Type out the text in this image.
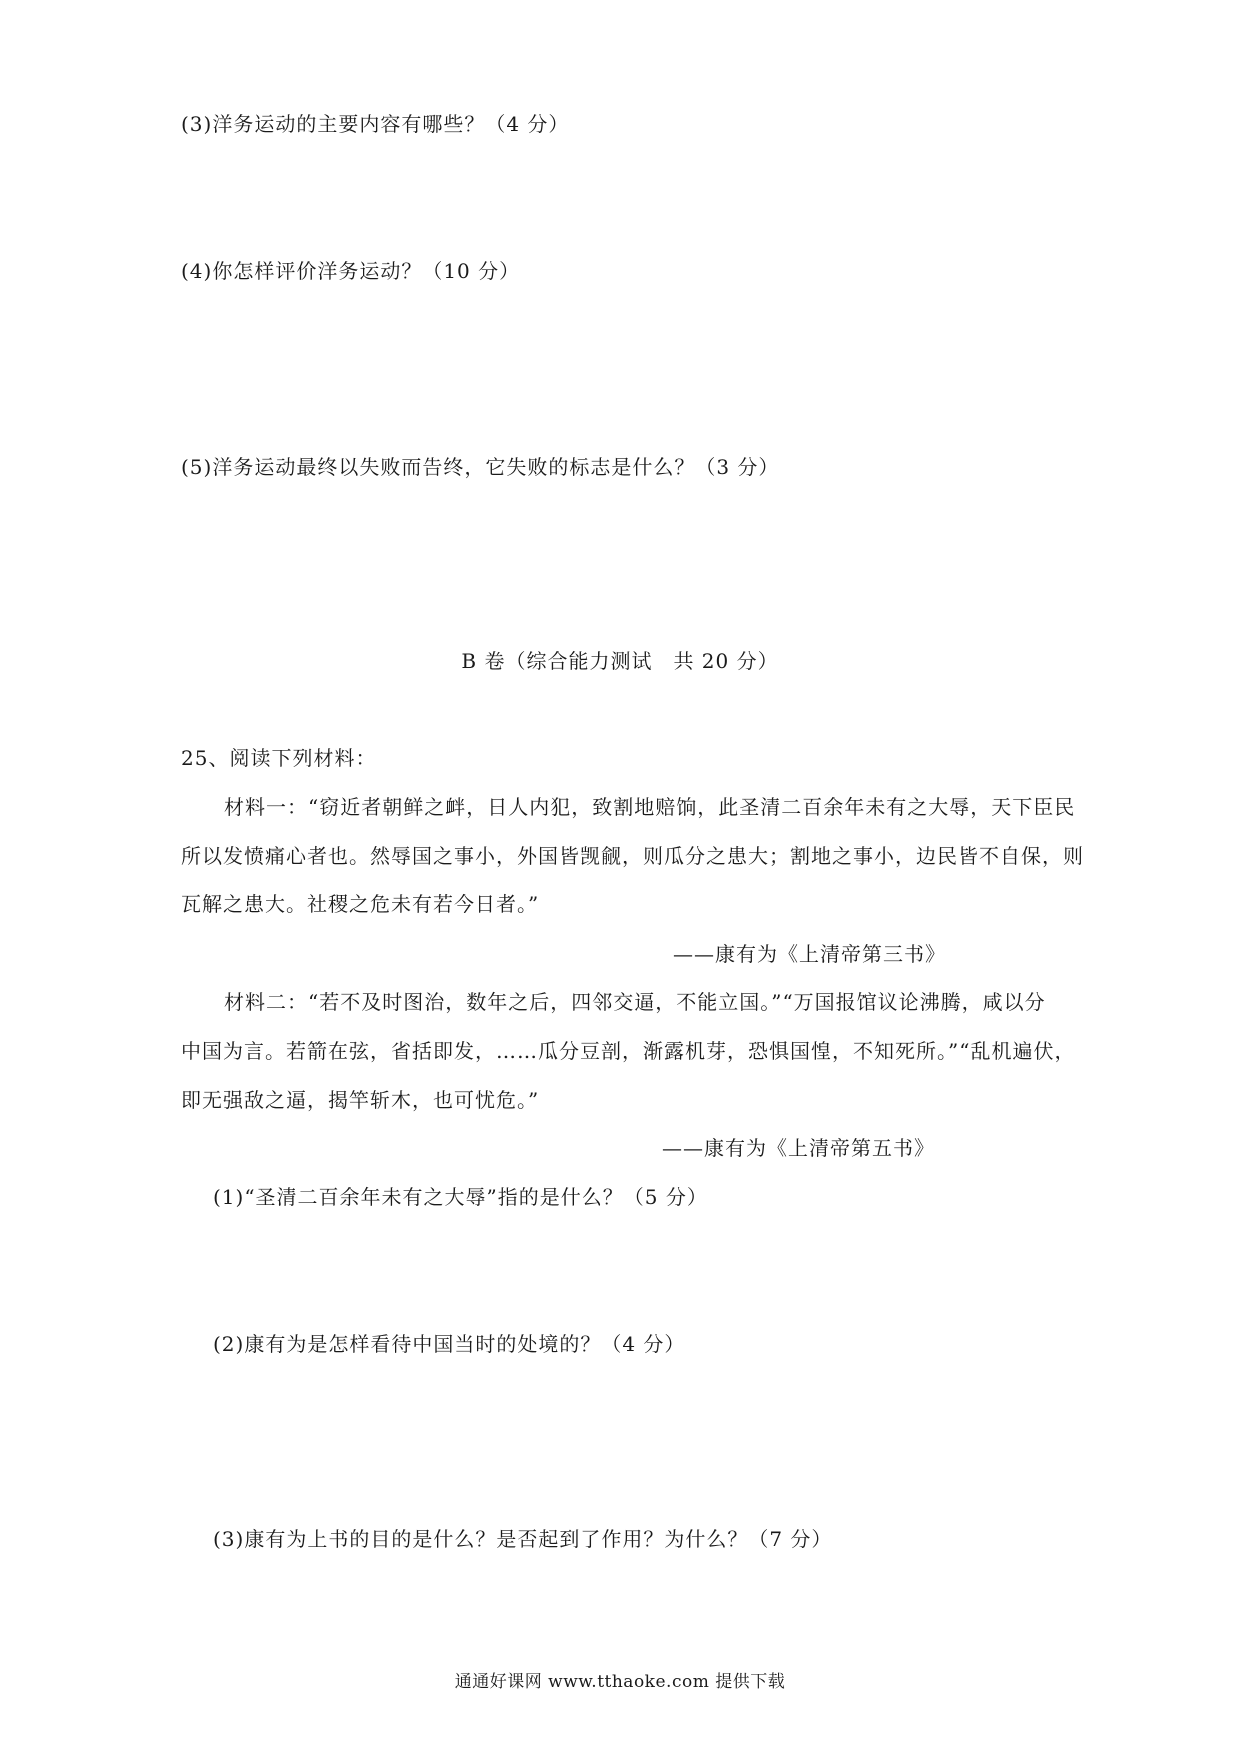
(3)洋务运动的主要内容有哪些？（4 分）
(4)你怎样评价洋务运动？（10 分）
(5)洋务运动最终以失败而告终，它失败的标志是什么？（3 分）
B 卷（综合能力测试　共 20 分）
25、阅读下列材料：
材料一：“窃近者朝鲜之衅，日人内犯，致割地赔饷，此圣清二百余年未有之大辱，天下臣民
所以发愤痛心者也。然辱国之事小，外国皆觊觎，则瓜分之患大；割地之事小，边民皆不自保，则
瓦解之患大。社稷之危未有若今日者。”
——康有为《上清帝第三书》
材料二：“若不及时图治，数年之后，四邻交逼，不能立国。”“万国报馆议论沸腾，咸以分
中国为言。若箭在弦，省括即发，……瓜分豆剖，渐露机芽，恐惧国惶，不知死所。”“乱机遍伏，
即无强敌之逼，揭竿斩木，也可忧危。”
——康有为《上清帝第五书》
(1)“圣清二百余年未有之大辱”指的是什么？（5 分）
(2)康有为是怎样看待中国当时的处境的？（4 分）
(3)康有为上书的目的是什么？是否起到了作用？为什么？（7 分）
通通好课网 www.tthaoke.com 提供下载
